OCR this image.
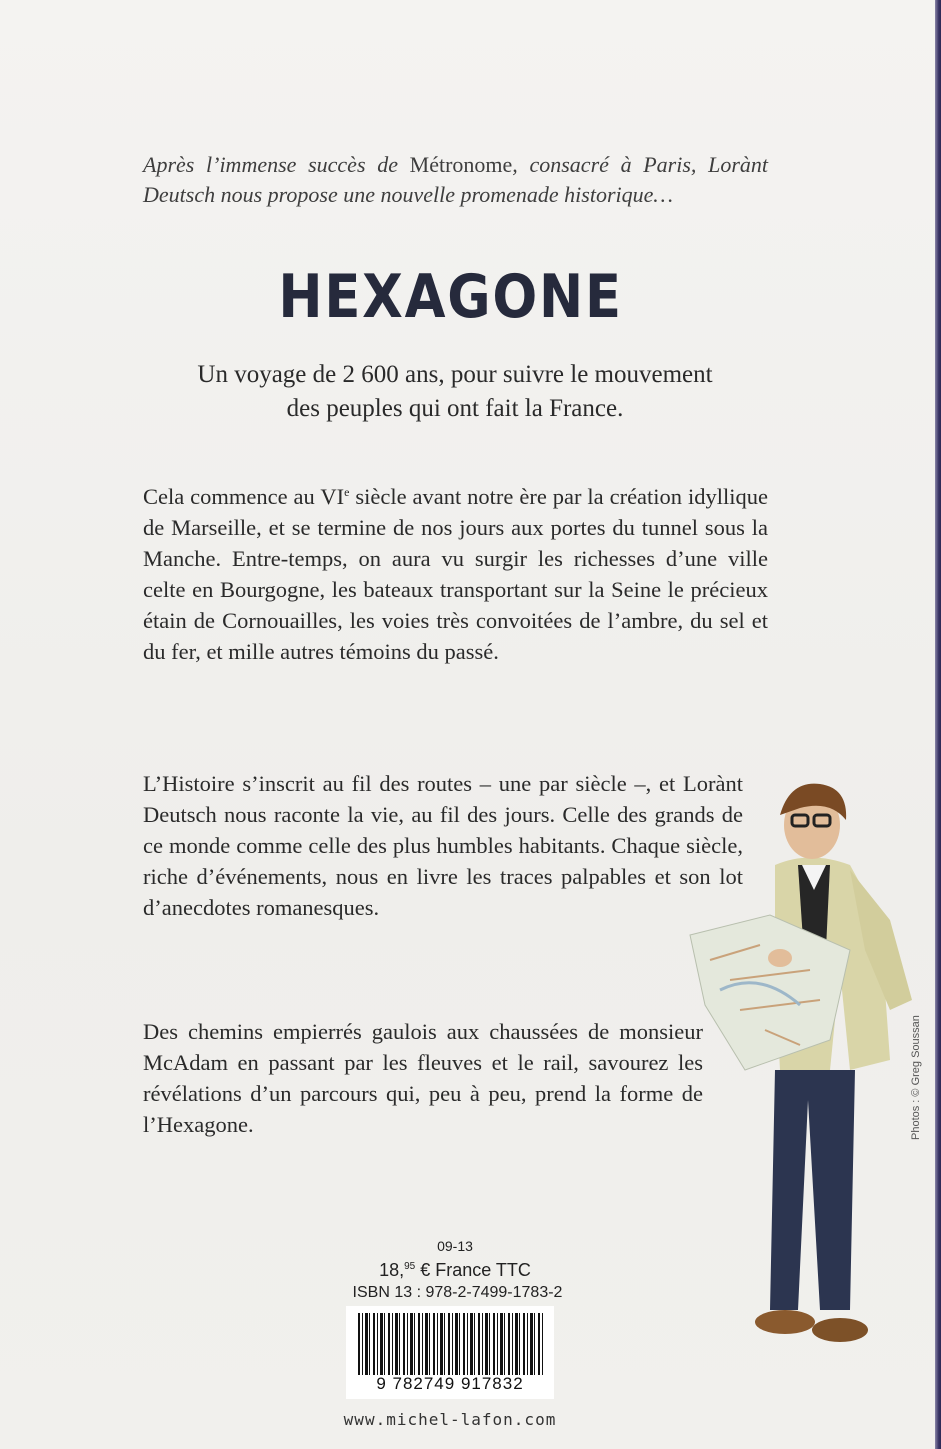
Après l’immense succès de Métronome, consacré à Paris, Lorànt Deutsch nous propose une nouvelle promenade historique…
HEXAGONE
Un voyage de 2 600 ans, pour suivre le mouvement
des peuples qui ont fait la France.

Cela commence au VIe siècle avant notre ère par la création idyllique de Marseille, et se termine de nos jours aux portes du tunnel sous la Manche. Entre-temps, on aura vu surgir les richesses d’une ville celte en Bourgogne, les bateaux transportant sur la Seine le précieux étain de Cornouailles, les voies très convoitées de l’ambre, du sel et du fer, et mille autres témoins du passé.

L’Histoire s’inscrit au fil des routes – une par siècle –, et Lorànt Deutsch nous raconte la vie, au fil des jours. Celle des grands de ce monde comme celle des plus humbles habitants. Chaque siècle, riche d’événements, nous en livre les traces palpables et son lot d’anecdotes romanesques.

Des chemins empierrés gaulois aux chaussées de monsieur McAdam en passant par les fleuves et le rail, savourez les révélations d’un parcours qui, peu à peu, prend la forme de l’Hexagone.	Photos : © Greg Soussan
09-13
18,95 € France TTC
ISBN 13 : 978-2-7499-1783-2
9 782749 917832
www.michel-lafon.com
